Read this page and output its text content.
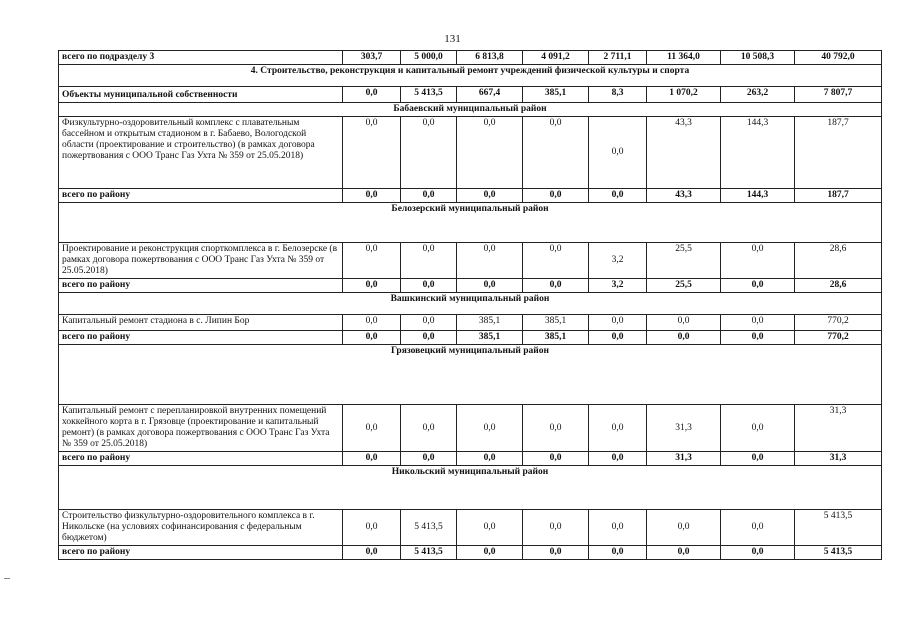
131
всего по подразделу 3	303,7	5 000,0	6 813,8	4 091,2	2 711,1	11 364,0	10 508,3	40 792,0
4. Строительство, реконструкция и капитальный ремонт учреждений физической культуры и спорта								
Объекты муниципальной собственности	0,0	5 413,5	667,4	385,1	8,3	1 070,2	263,2	7 807,7
Бабаевский муниципальный район								
Физкультурно-оздоровительный комплекс с плавательным бассейном и открытым стадионом в г. Бабаево, Вологодской области (проектирование и строительство) (в рамках договора пожертвования с ООО Транс Газ Ухта № 359 от 25.05.2018)	0,0	0,0	0,0	0,0	0,0	43,3	144,3	187,7
всего по району	0,0	0,0	0,0	0,0	0,0	43,3	144,3	187,7
Белозерский муниципальный район								
Проектирование и реконструкция спорткомплекса в г. Белозерске (в рамках договора пожертвования с ООО Транс Газ Ухта № 359 от 25.05.2018)	0,0	0,0	0,0	0,0	3,2	25,5	0,0	28,6
всего по району	0,0	0,0	0,0	0,0	3,2	25,5	0,0	28,6
Вашкинский муниципальный район								
Капитальный ремонт стадиона в с. Липин Бор	0,0	0,0	385,1	385,1	0,0	0,0	0,0	770,2
всего по району	0,0	0,0	385,1	385,1	0,0	0,0	0,0	770,2
Грязовецкий муниципальный район								
Капитальный ремонт с перепланировкой внутренних помещений хоккейного корта в г. Грязовце (проектирование и капитальный ремонт) (в рамках договора пожертвования с ООО Транс Газ Ухта № 359 от 25.05.2018)	0,0	0,0	0,0	0,0	0,0	31,3	0,0	31,3
всего по району	0,0	0,0	0,0	0,0	0,0	31,3	0,0	31,3
Никольский муниципальный район								
Строительство физкультурно-оздоровительного комплекса в г. Никольске (на условиях софинансирования с федеральным бюджетом)	0,0	5 413,5	0,0	0,0	0,0	0,0	0,0	5 413,5
всего по району	0,0	5 413,5	0,0	0,0	0,0	0,0	0,0	5 413,5
